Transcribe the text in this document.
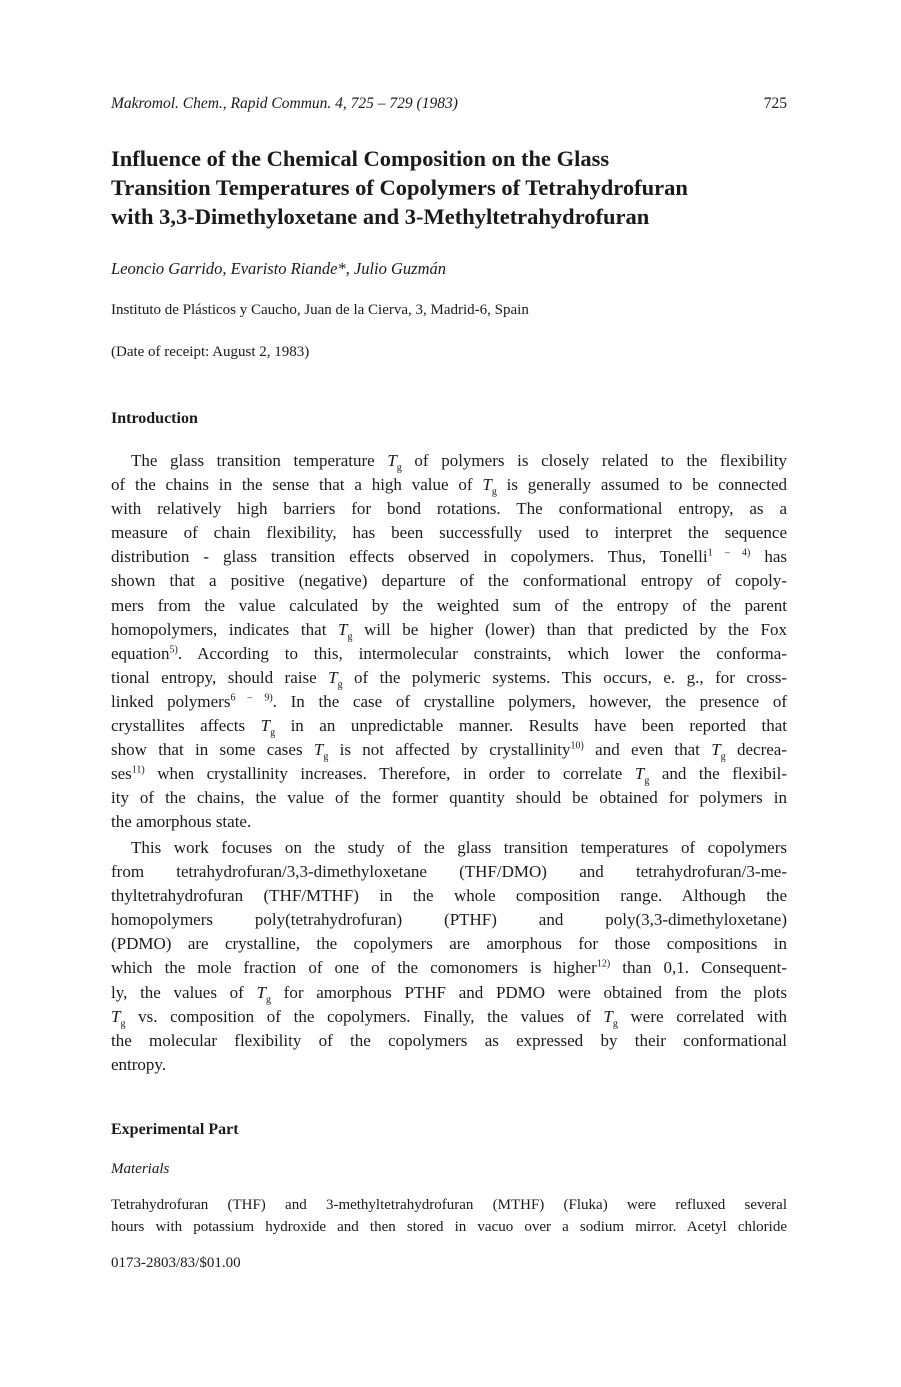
Makromol. Chem., Rapid Commun. 4, 725 – 729 (1983)	725
Influence of the Chemical Composition on the Glass
Transition Temperatures of Copolymers of Tetrahydrofuran
with 3,3-Dimethyloxetane and 3-Methyltetrahydrofuran
Leoncio Garrido, Evaristo Riande*, Julio Guzmán
Instituto de Plásticos y Caucho, Juan de la Cierva, 3, Madrid-6, Spain
(Date of receipt: August 2, 1983)
Introduction
The glass transition temperature $T_g$ of polymers is closely related to the flexibility
of the chains in the sense that a high value of $T_g$ is generally assumed to be connected
with relatively high barriers for bond rotations. The conformational entropy, as a
measure of chain flexibility, has been successfully used to interpret the sequence
distribution - glass transition effects observed in copolymers. Thus, Tonelli$^{1 - 4)}$ has
shown that a positive (negative) departure of the conformational entropy of copoly-
mers from the value calculated by the weighted sum of the entropy of the parent
homopolymers, indicates that $T_g$ will be higher (lower) than that predicted by the Fox
equation$^{5)}$. According to this, intermolecular constraints, which lower the conforma-
tional entropy, should raise $T_g$ of the polymeric systems. This occurs, e. g., for cross-
linked polymers$^{6 - 9)}$. In the case of crystalline polymers, however, the presence of
crystallites affects $T_g$ in an unpredictable manner. Results have been reported that
show that in some cases $T_g$ is not affected by crystallinity$^{10)}$ and even that $T_g$ decrea-
ses$^{11)}$ when crystallinity increases. Therefore, in order to correlate $T_g$ and the flexibil-
ity of the chains, the value of the former quantity should be obtained for polymers in
the amorphous state.
This work focuses on the study of the glass transition temperatures of copolymers
from tetrahydrofuran/3,3-dimethyloxetane (THF/DMO) and tetrahydrofuran/3-me-
thyltetrahydrofuran (THF/MTHF) in the whole composition range. Although the
homopolymers poly(tetrahydrofuran) (PTHF) and poly(3,3-dimethyloxetane)
(PDMO) are crystalline, the copolymers are amorphous for those compositions in
which the mole fraction of one of the comonomers is higher$^{12)}$ than 0,1. Consequent-
ly, the values of $T_g$ for amorphous PTHF and PDMO were obtained from the plots
$T_g$ vs. composition of the copolymers. Finally, the values of $T_g$ were correlated with
the molecular flexibility of the copolymers as expressed by their conformational
entropy.
Experimental Part
Materials
Tetrahydrofuran (THF) and 3-methyltetrahydrofuran (MTHF) (Fluka) were refluxed several
hours with potassium hydroxide and then stored in vacuo over a sodium mirror. Acetyl chloride
0173-2803/83/$01.00
